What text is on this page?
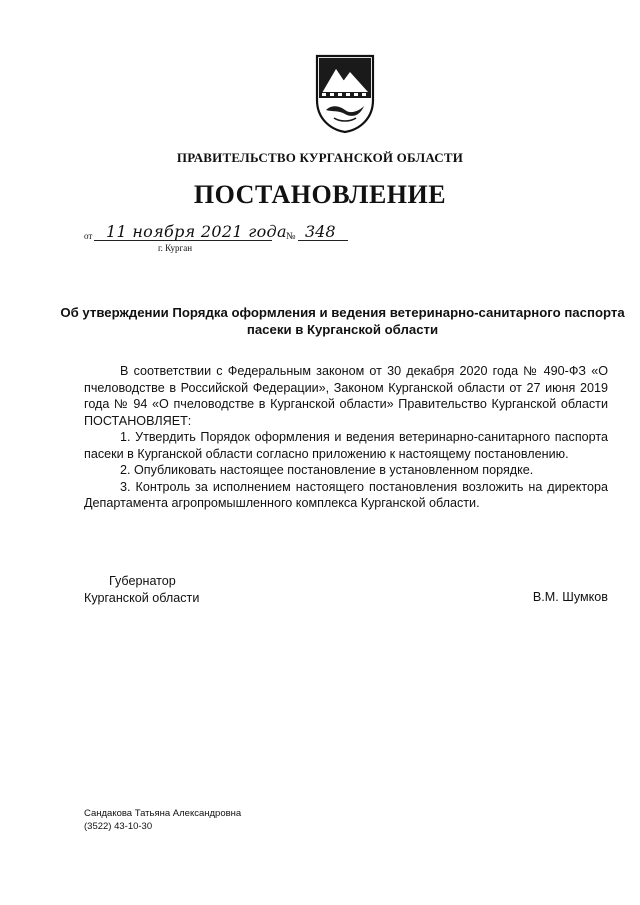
ПРАВИТЕЛЬСТВО КУРГАНСКОЙ ОБЛАСТИ
ПОСТАНОВЛЕНИЕ
от 11 ноября 2021 года № 348
г. Курган
Об утверждении Порядка оформления и ведения ветеринарно-санитарного паспорта пасеки в Курганской области

В соответствии с Федеральным законом от 30 декабря 2020 года № 490-ФЗ «О пчеловодстве в Российской Федерации», Законом Курганской области от 27 июня 2019 года № 94 «О пчеловодстве в Курганской области» Правительство Курганской области ПОСТАНОВЛЯЕТ:

1. Утвердить Порядок оформления и ведения ветеринарно-санитарного паспорта пасеки в Курганской области согласно приложению к настоящему постановлению.

2. Опубликовать настоящее постановление в установленном порядке.

3. Контроль за исполнением настоящего постановления возложить на директора Департамента агропромышленного комплекса Курганской области.

Губернатор
Курганской области	В.М. Шумков
Сандакова Татьяна Александровна
(3522) 43-10-30
